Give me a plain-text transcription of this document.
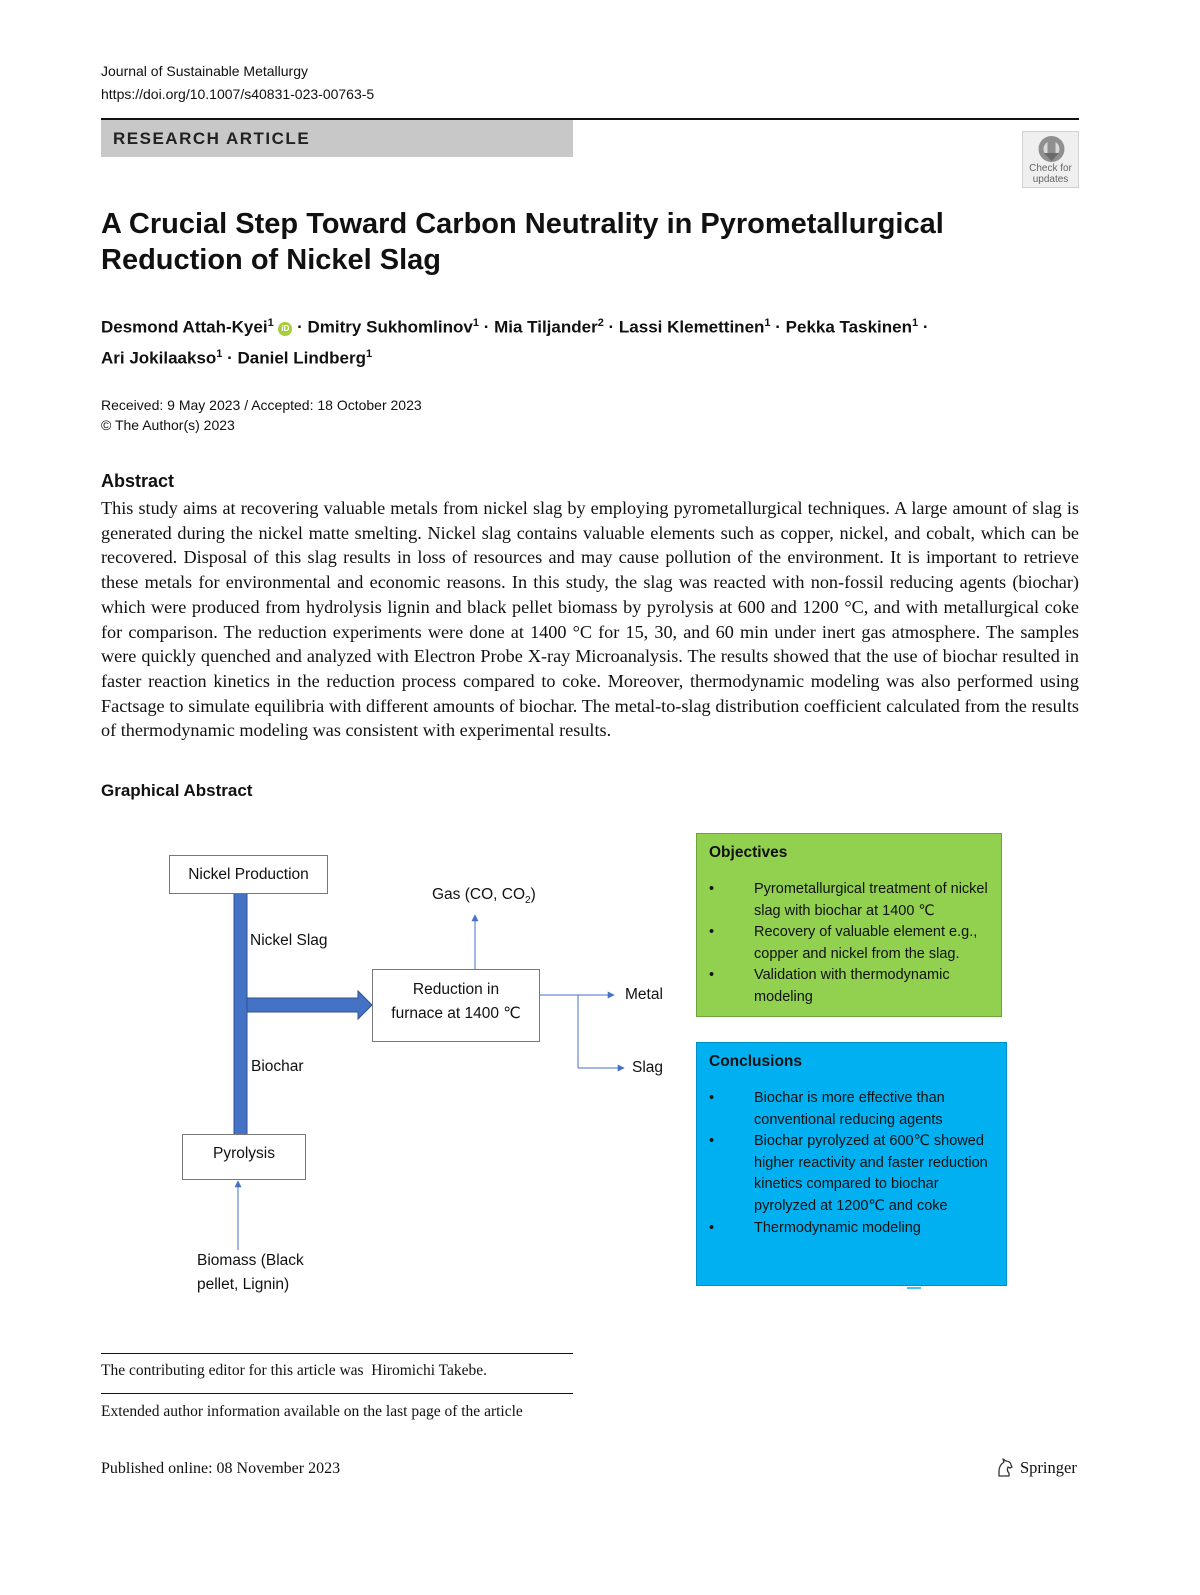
Journal of Sustainable Metallurgy
https://doi.org/10.1007/s40831-023-00763-5
RESEARCH ARTICLE
Check for updates
A Crucial Step Toward Carbon Neutrality in Pyrometallurgical Reduction of Nickel Slag
Desmond Attah-Kyei$^1$ iD · Dmitry Sukhomlinov$^1$ · Mia Tiljander$^2$ · Lassi Klemettinen$^1$ · Pekka Taskinen$^1$ ·
Ari Jokilaakso$^1$ · Daniel Lindberg$^1$
Received: 9 May 2023 / Accepted: 18 October 2023
© The Author(s) 2023
Abstract
This study aims at recovering valuable metals from nickel slag by employing pyrometallurgical techniques. A large amount of slag is generated during the nickel matte smelting. Nickel slag contains valuable elements such as copper, nickel, and cobalt, which can be recovered. Disposal of this slag results in loss of resources and may cause pollution of the environment. It is important to retrieve these metals for environmental and economic reasons. In this study, the slag was reacted with non-fossil reducing agents (biochar) which were produced from hydrolysis lignin and black pellet biomass by pyrolysis at 600 and 1200 °C, and with metallurgical coke for comparison. The reduction experiments were done at 1400 °C for 15, 30, and 60 min under inert gas atmosphere. The samples were quickly quenched and analyzed with Electron Probe X-ray Microanalysis. The results showed that the use of biochar resulted in faster reaction kinetics in the reduction process compared to coke. Moreover, thermodynamic modeling was also performed using Factsage to simulate equilibria with different amounts of biochar. The metal-to-slag distribution coefficient calculated from the results of thermodynamic modeling was consistent with experimental results.
Graphical Abstract
Nickel Production
Nickel Slag
Biochar
Pyrolysis
Biomass (Black
pellet, Lignin)
Gas (CO, $CO_2$)
Reduction in
furnace at 1400 ℃
Metal
Slag
Objectives
• Pyrometallurgical treatment of nickel slag with biochar at 1400 ℃
• Recovery of valuable element e.g., copper and nickel from the slag.
• Validation with thermodynamic modeling
Conclusions
• Biochar is more effective than conventional reducing agents
• Biochar pyrolyzed at 600℃ showed higher reactivity and faster reduction kinetics compared to biochar pyrolyzed at 1200℃ and coke
• Thermodynamic modeling
The contributing editor for this article was  Hiromichi Takebe.
Extended author information available on the last page of the article
Published online: 08 November 2023	Springer
